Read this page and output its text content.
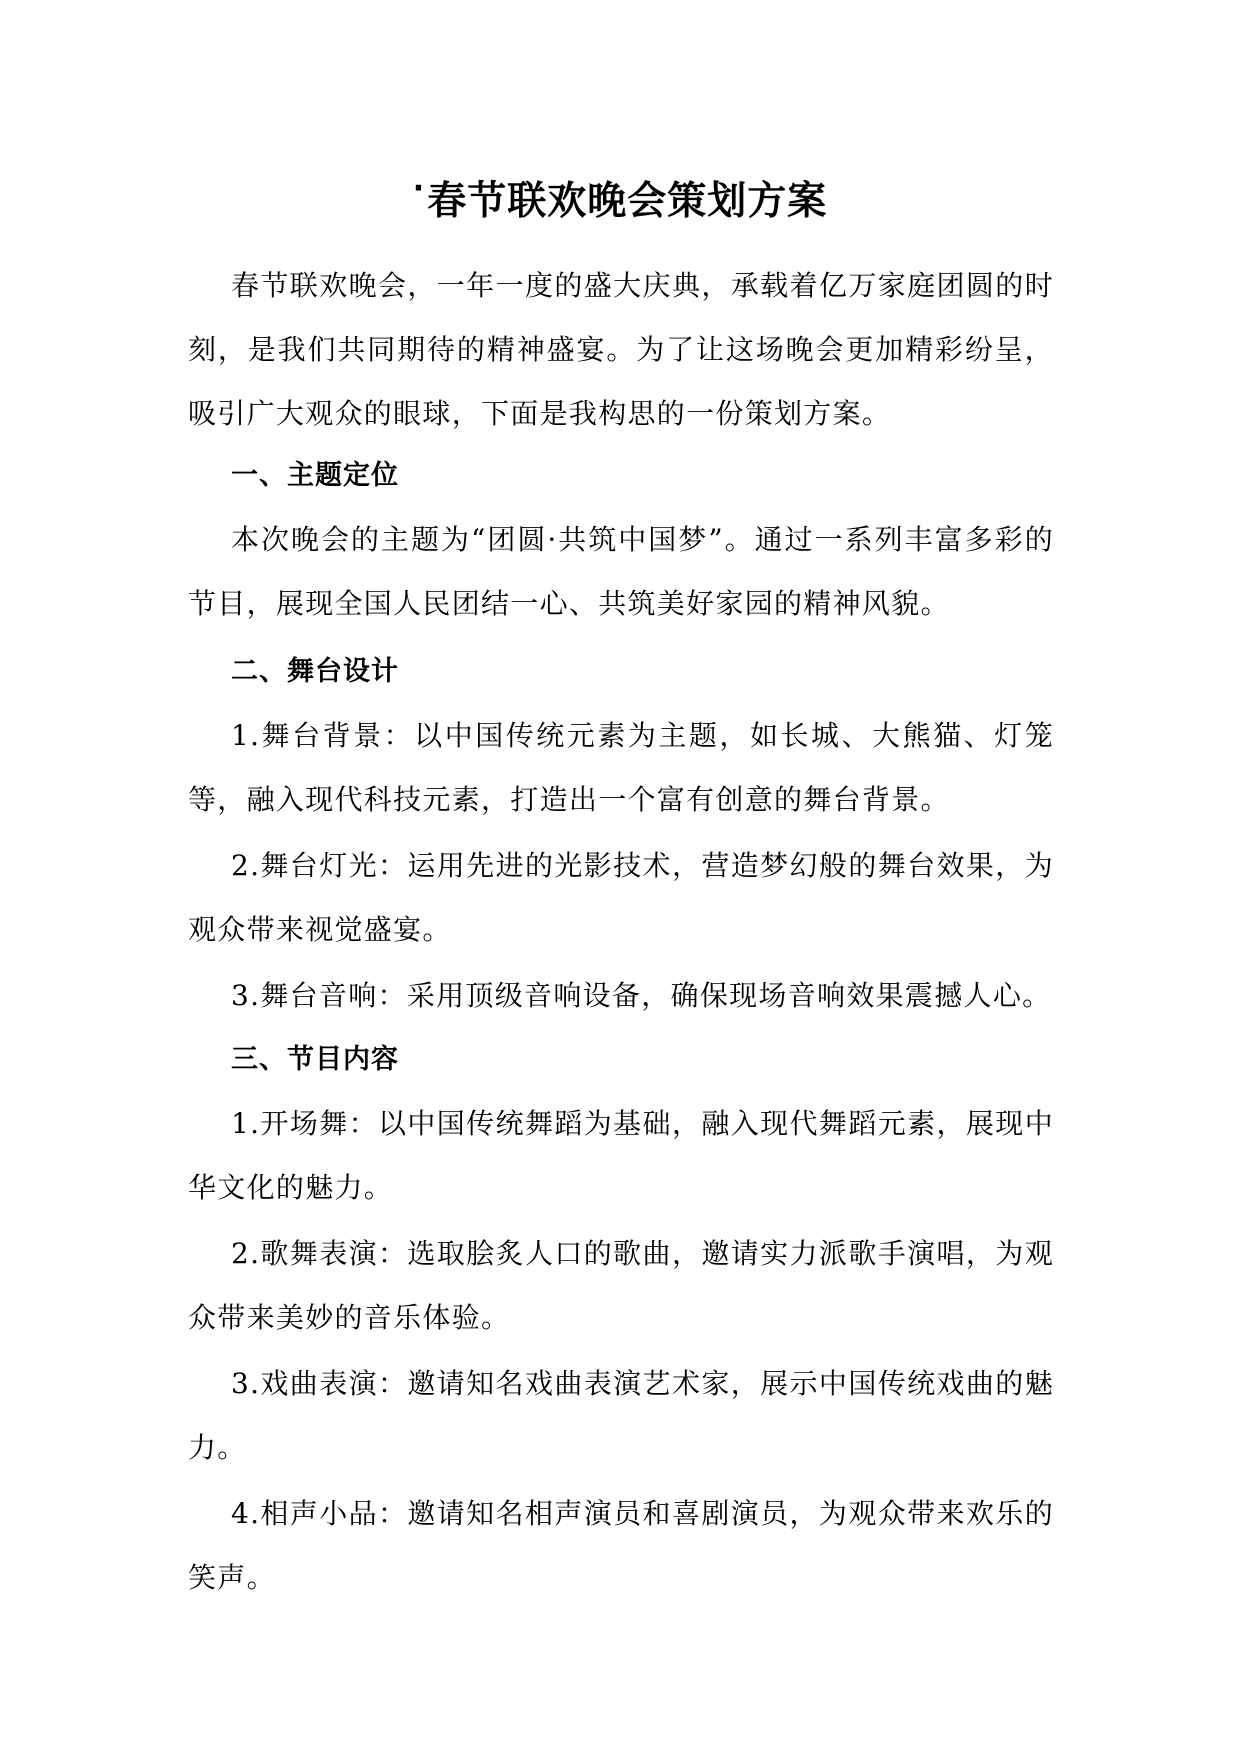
·春节联欢晚会策划方案

春节联欢晚会，一年一度的盛大庆典，承载着亿万家庭团圆的时刻，是我们共同期待的精神盛宴。为了让这场晚会更加精彩纷呈，吸引广大观众的眼球，下面是我构思的一份策划方案。

一、主题定位

本次晚会的主题为“团圆·共筑中国梦”。通过一系列丰富多彩的节目，展现全国人民团结一心、共筑美好家园的精神风貌。

二、舞台设计

1.舞台背景：以中国传统元素为主题，如长城、大熊猫、灯笼等，融入现代科技元素，打造出一个富有创意的舞台背景。

2.舞台灯光：运用先进的光影技术，营造梦幻般的舞台效果，为观众带来视觉盛宴。

3.舞台音响：采用顶级音响设备，确保现场音响效果震撼人心。

三、节目内容

1.开场舞：以中国传统舞蹈为基础，融入现代舞蹈元素，展现中华文化的魅力。

2.歌舞表演：选取脍炙人口的歌曲，邀请实力派歌手演唱，为观众带来美妙的音乐体验。

3.戏曲表演：邀请知名戏曲表演艺术家，展示中国传统戏曲的魅力。

4.相声小品：邀请知名相声演员和喜剧演员，为观众带来欢乐的笑声。
